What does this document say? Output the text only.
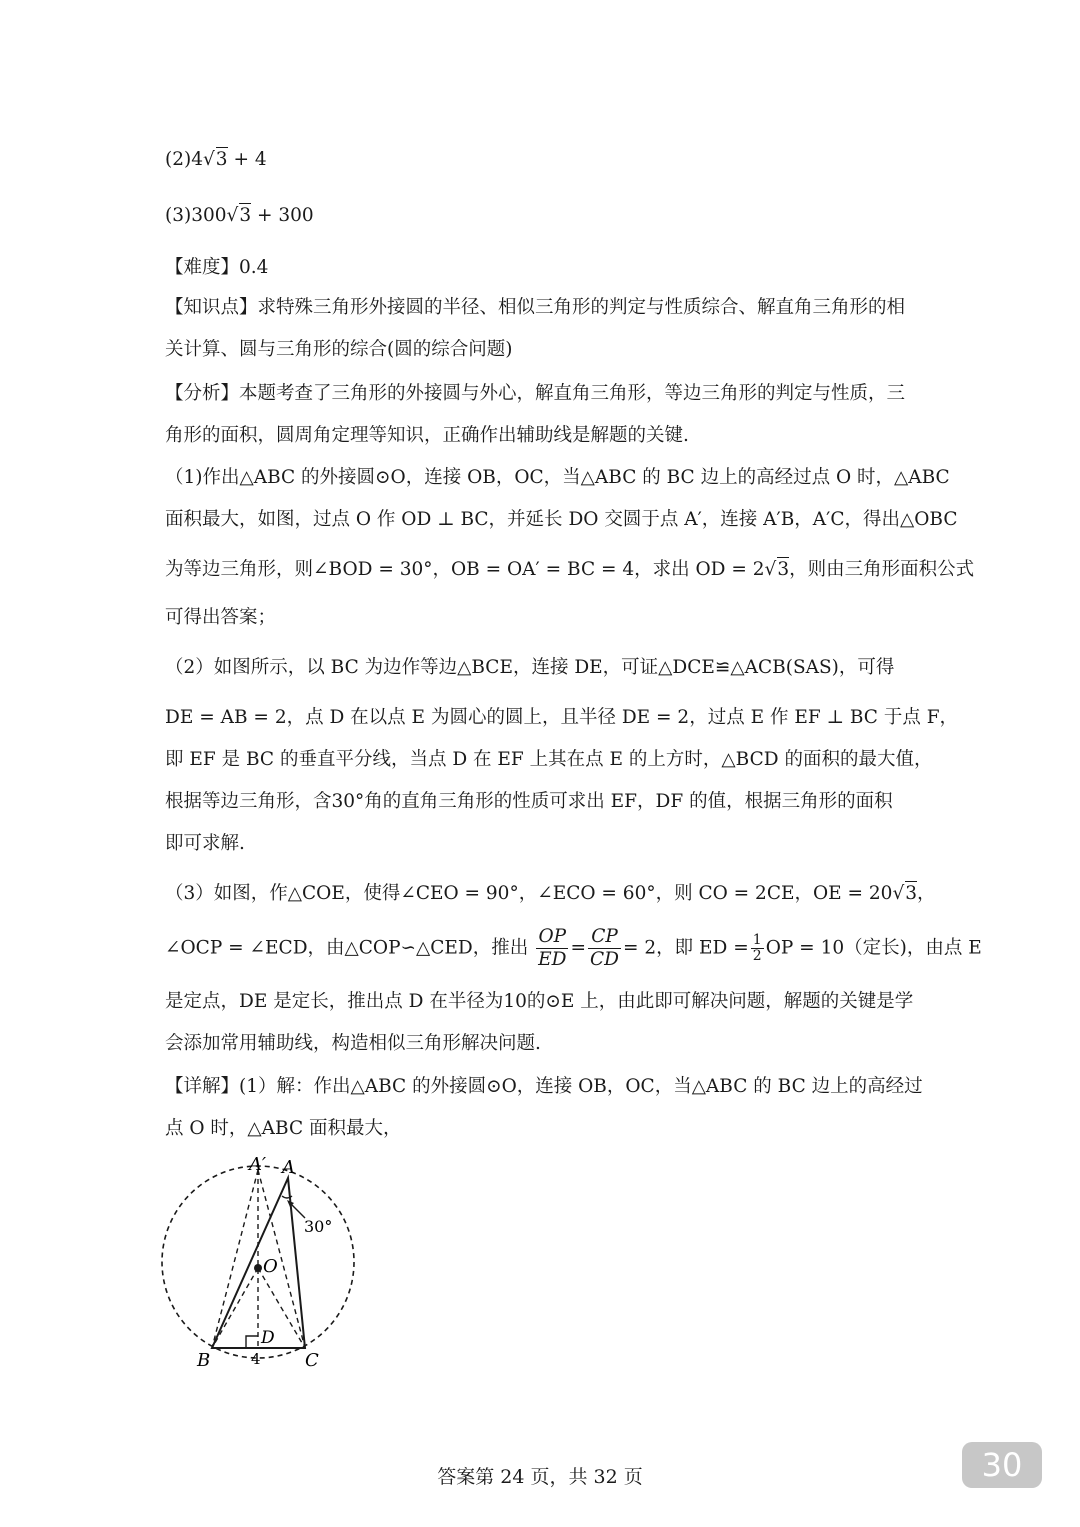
(2)4√3 + 4
(3)300√3 + 300
【难度】0.4
【知识点】求特殊三角形外接圆的半径、相似三角形的判定与性质综合、解直角三角形的相
关计算、圆与三角形的综合(圆的综合问题)
【分析】本题考查了三角形的外接圆与外心，解直角三角形，等边三角形的判定与性质，三
角形的面积，圆周角定理等知识，正确作出辅助线是解题的关键.
（1)作出△ABC 的外接圆⊙O，连接 OB，OC，当△ABC 的 BC 边上的高经过点 O 时，△ABC
面积最大，如图，过点 O 作 OD ⊥ BC，并延长 DO 交圆于点 A′，连接 A′B，A′C，得出△OBC
为等边三角形，则∠BOD = 30°，OB = OA′ = BC = 4，求出 OD = 2√3，则由三角形面积公式
可得出答案；
（2）如图所示，以 BC 为边作等边△BCE，连接 DE，可证△DCE≌△ACB(SAS)，可得
DE = AB = 2，点 D 在以点 E 为圆心的圆上，且半径 DE = 2，过点 E 作 EF ⊥ BC 于点 F，
即 EF 是 BC 的垂直平分线，当点 D 在 EF 上其在点 E 的上方时，△BCD 的面积的最大值，
根据等边三角形，含30°角的直角三角形的性质可求出 EF，DF 的值，根据三角形的面积
即可求解.
（3）如图，作△COE，使得∠CEO = 90°，∠ECO = 60°，则 CO = 2CE，OE = 20√3，
∠OCP = ∠ECD，由△COP∽△CED，推出 $\frac{OP}{ED} = \frac{CP}{CD} = 2$，即 ED = $\frac{1}{2}$ OP = 10（定长)，由点 E
是定点，DE 是定长，推出点 D 在半径为10的⊙E 上，由此即可解决问题，解题的关键是学
会添加常用辅助线，构造相似三角形解决问题.
【详解】(1）解：作出△ABC 的外接圆⊙O，连接 OB，OC，当△ABC 的 BC 边上的高经过
点 O 时，△ABC 面积最大，
A′ A
30°
O
D
B	C
4
答案第 24 页，共 32 页	30
